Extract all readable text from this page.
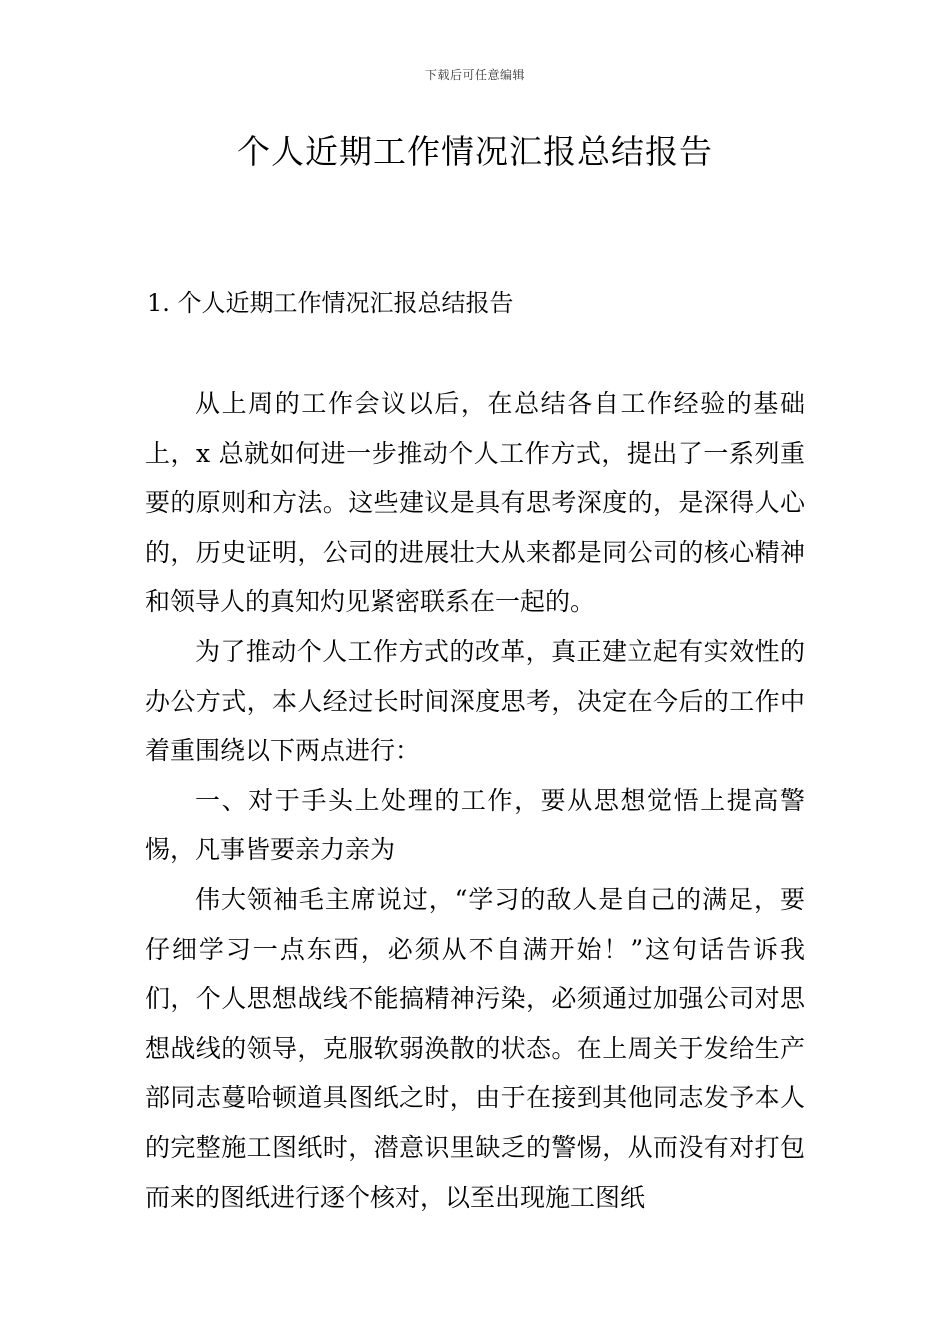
下载后可任意编辑
个人近期工作情况汇报总结报告
1. 个人近期工作情况汇报总结报告

从上周的工作会议以后，在总结各自工作经验的基础上，x 总就如何进一步推动个人工作方式，提出了一系列重要的原则和方法。这些建议是具有思考深度的，是深得人心的，历史证明，公司的进展壮大从来都是同公司的核心精神和领导人的真知灼见紧密联系在一起的。

为了推动个人工作方式的改革，真正建立起有实效性的办公方式，本人经过长时间深度思考，决定在今后的工作中着重围绕以下两点进行：

一、对于手头上处理的工作，要从思想觉悟上提高警惕，凡事皆要亲力亲为

伟大领袖毛主席说过，“学习的敌人是自己的满足，要仔细学习一点东西，必须从不自满开始！”这句话告诉我们，个人思想战线不能搞精神污染，必须通过加强公司对思想战线的领导，克服软弱涣散的状态。在上周关于发给生产部同志蔓哈顿道具图纸之时，由于在接到其他同志发予本人的完整施工图纸时，潜意识里缺乏的警惕，从而没有对打包而来的图纸进行逐个核对，以至出现施工图纸
